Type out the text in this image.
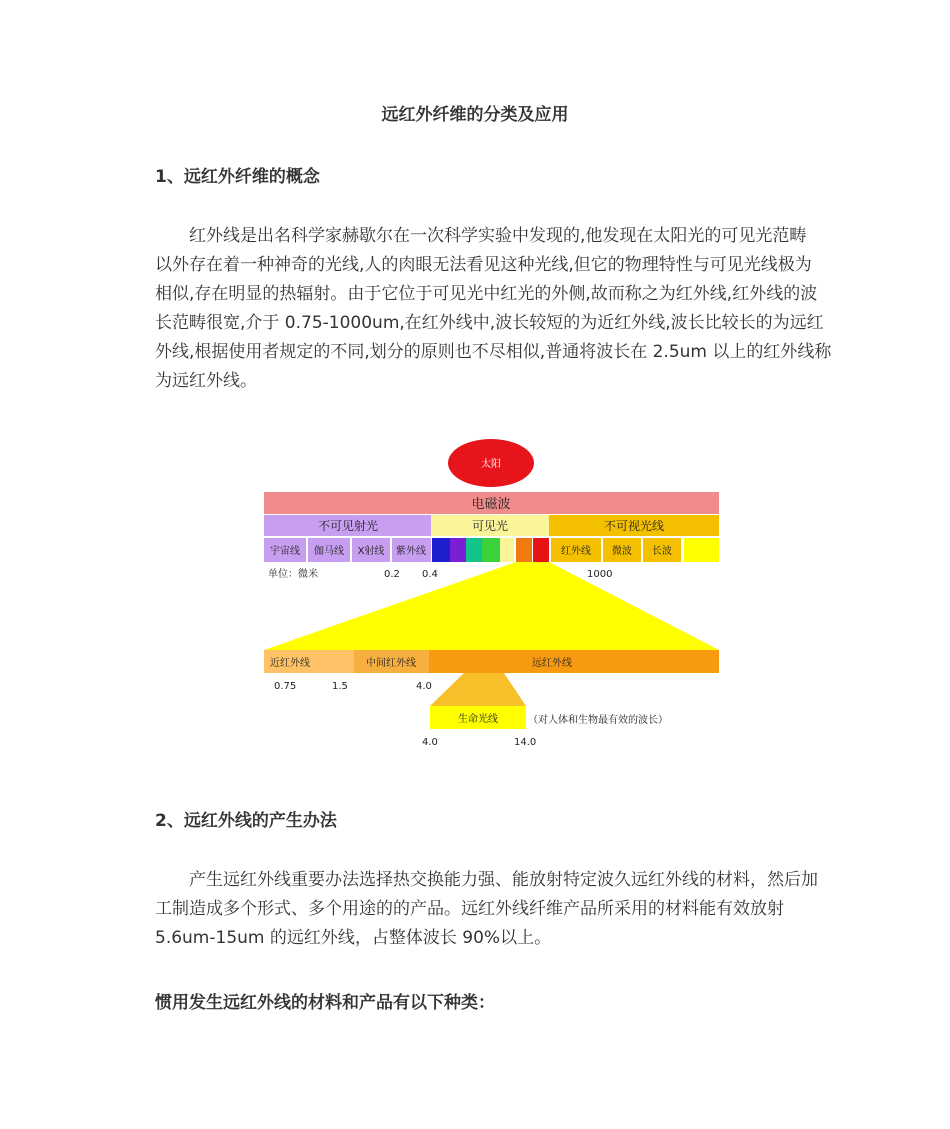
远红外纤维的分类及应用
1、远红外纤维的概念
红外线是出名科学家赫歇尔在一次科学实验中发现的,他发现在太阳光的可见光范畴
以外存在着一种神奇的光线,人的肉眼无法看见这种光线,但它的物理特性与可见光线极为
相似,存在明显的热辐射。由于它位于可见光中红光的外侧,故而称之为红外线,红外线的波
长范畴很宽,介于 0.75-1000um,在红外线中,波长较短的为近红外线,波长比较长的为远红
外线,根据使用者规定的不同,划分的原则也不尽相似,普通将波长在 2.5um 以上的红外线称
为远红外线。
太阳
电磁波
不可见射光	可见光	不可视光线
宇宙线 伽马线 X射线 紫外线	红外线 微波 长波
单位：微米	0.2 0.4	1000
近红外线	中间红外线	远红外线
0.75	1.5	4.0
生命光线	（对人体和生物最有效的波长）
4.0	14.0
2、远红外线的产生办法
产生远红外线重要办法选择热交换能力强、能放射特定波久远红外线的材料，然后加
工制造成多个形式、多个用途的的产品。远红外线纤维产品所采用的材料能有效放射
5.6um-15um 的远红外线，占整体波长 90%以上。
惯用发生远红外线的材料和产品有以下种类：
